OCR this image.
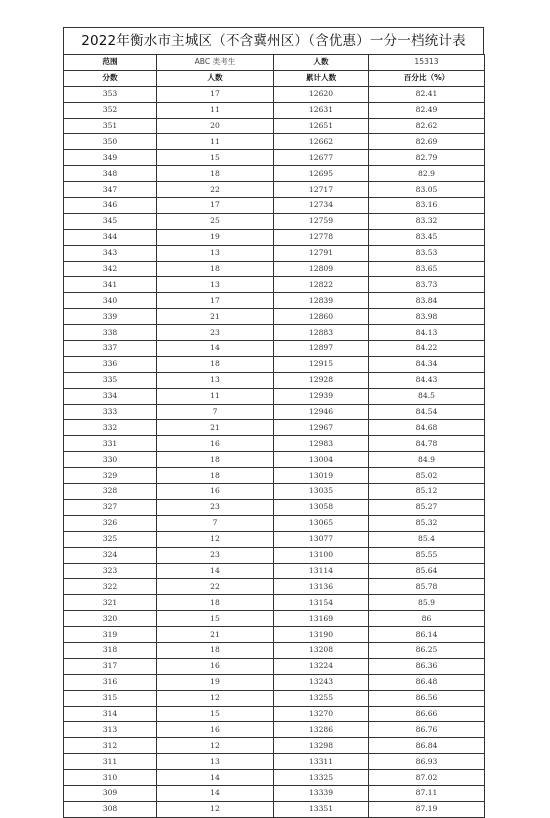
2022年衡水市主城区（不含冀州区）（含优惠）一分一档统计表
范围	ABC 类考生	人数	15313
分数	人数	累计人数	百分比（%）
353	17	12620	82.41
352	11	12631	82.49
351	20	12651	82.62
350	11	12662	82.69
349	15	12677	82.79
348	18	12695	82.9
347	22	12717	83.05
346	17	12734	83.16
345	25	12759	83.32
344	19	12778	83.45
343	13	12791	83.53
342	18	12809	83.65
341	13	12822	83.73
340	17	12839	83.84
339	21	12860	83.98
338	23	12883	84.13
337	14	12897	84.22
336	18	12915	84.34
335	13	12928	84.43
334	11	12939	84.5
333	7	12946	84.54
332	21	12967	84.68
331	16	12983	84.78
330	18	13004	84.9
329	18	13019	85.02
328	16	13035	85.12
327	23	13058	85.27
326	7	13065	85.32
325	12	13077	85.4
324	23	13100	85.55
323	14	13114	85.64
322	22	13136	85.78
321	18	13154	85.9
320	15	13169	86
319	21	13190	86.14
318	18	13208	86.25
317	16	13224	86.36
316	19	13243	86.48
315	12	13255	86.56
314	15	13270	86.66
313	16	13286	86.76
312	12	13298	86.84
311	13	13311	86.93
310	14	13325	87.02
309	14	13339	87.11
308	12	13351	87.19
